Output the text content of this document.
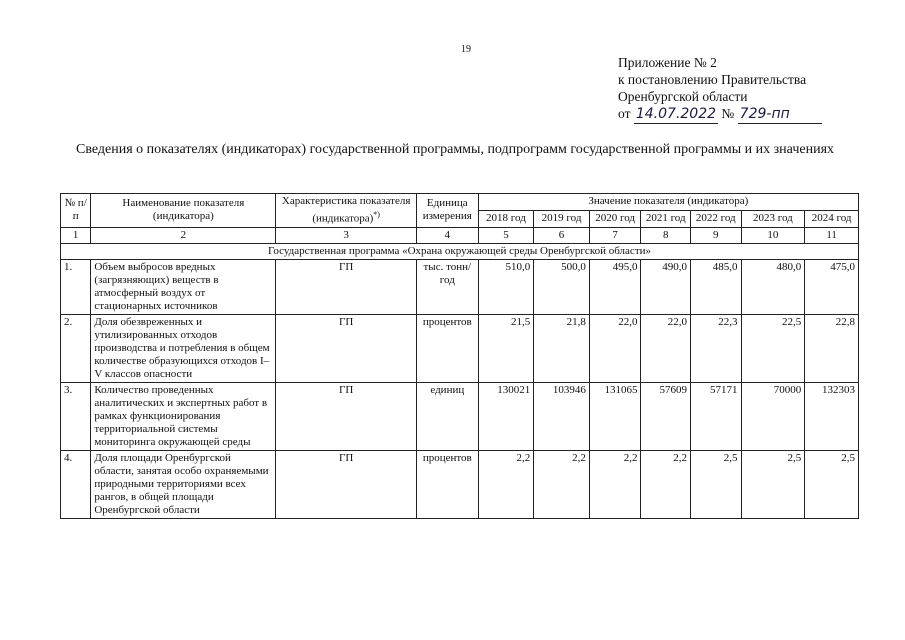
19
Приложение № 2
к постановлению Правительства
Оренбургской области
от 14.07.2022 № 729-пп
Сведения о показателях (индикаторах) государственной программы, подпрограмм государственной программы и их значениях
№ п/п	Наименование показателя (индикатора)	Характеристика показателя (индикатора)*)	Единица измерения	Значение показателя (индикатора)						
				2018 год	2019 год	2020 год	2021 год	2022 год	2023 год	2024 год
1	2	3	4	5	6	7	8	9	10	11
Государственная программа «Охрана окружающей среды Оренбургской области»										
1.	Объем выбросов вредных (загрязняющих) веществ в атмосферный воздух от стационарных источников	ГП	тыс. тонн/год	510,0	500,0	495,0	490,0	485,0	480,0	475,0
2.	Доля обезвреженных и утилизированных отходов производства и потребления в общем количестве образующихся отходов I–V классов опасности	ГП	процентов	21,5	21,8	22,0	22,0	22,3	22,5	22,8
3.	Количество проведенных аналитических и экспертных работ в рамках функционирования территориальной системы мониторинга окружающей среды	ГП	единиц	130021	103946	131065	57609	57171	70000	132303
4.	Доля площади Оренбургской области, занятая особо охраняемыми природными территориями всех рангов, в общей площади Оренбургской области	ГП	процентов	2,2	2,2	2,2	2,2	2,5	2,5	2,5
